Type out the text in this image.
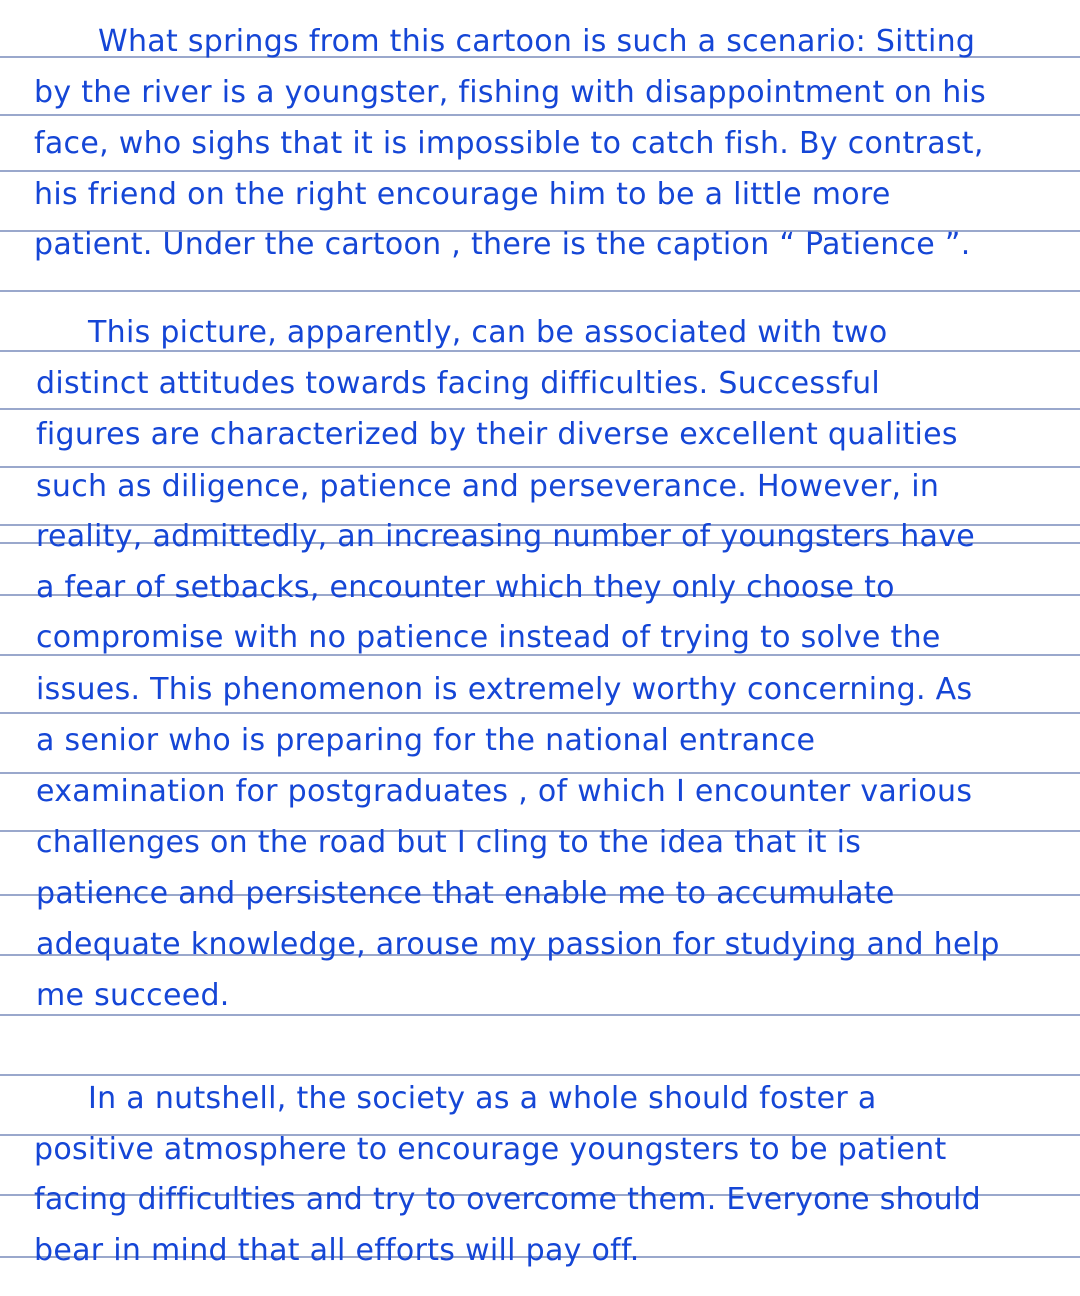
What springs from this cartoon is such a scenario: Sitting
by the river is a youngster, fishing with disappointment on his
face, who sighs that it is impossible to catch fish. By contrast,
his friend on the right encourage him to be a little more
patient. Under the cartoon , there is the caption “ Patience ”.
This picture, apparently, can be associated with two
distinct attitudes towards facing difficulties. Successful
figures are characterized by their diverse excellent qualities
such as diligence, patience and perseverance. However, in
reality, admittedly, an increasing number of youngsters have
a fear of setbacks, encounter which they only choose to
compromise with no patience instead of trying to solve the
issues. This phenomenon is extremely worthy concerning. As
a senior who is preparing for the national entrance
examination for postgraduates , of which I encounter various
challenges on the road but I cling to the idea that it is
patience and persistence that enable me to accumulate
adequate knowledge, arouse my passion for studying and help
me succeed.
In a nutshell, the society as a whole should foster a
positive atmosphere to encourage youngsters to be patient
facing difficulties and try to overcome them. Everyone should
bear in mind that all efforts will pay off.
